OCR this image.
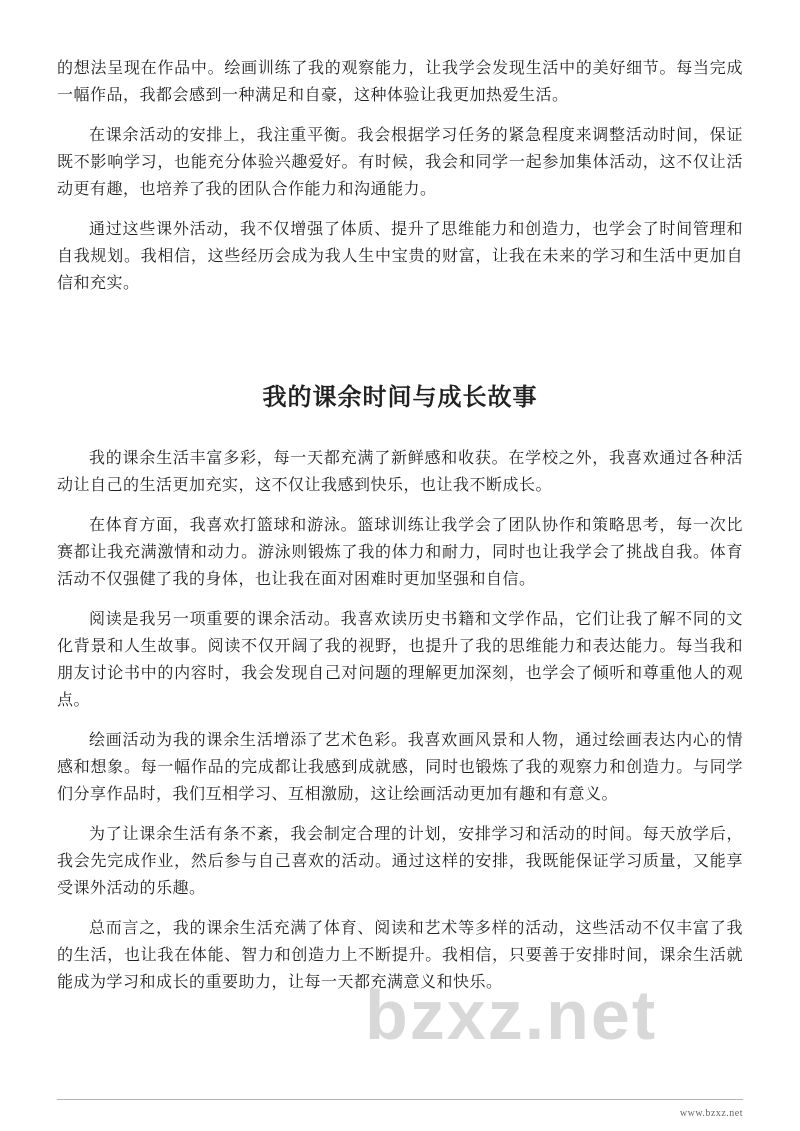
的想法呈现在作品中。绘画训练了我的观察能力，让我学会发现生活中的美好细节。每当完成一幅作品，我都会感到一种满足和自豪，这种体验让我更加热爱生活。

在课余活动的安排上，我注重平衡。我会根据学习任务的紧急程度来调整活动时间，保证既不影响学习，也能充分体验兴趣爱好。有时候，我会和同学一起参加集体活动，这不仅让活动更有趣，也培养了我的团队合作能力和沟通能力。

通过这些课外活动，我不仅增强了体质、提升了思维能力和创造力，也学会了时间管理和自我规划。我相信，这些经历会成为我人生中宝贵的财富，让我在未来的学习和生活中更加自信和充实。

我的课余时间与成长故事

我的课余生活丰富多彩，每一天都充满了新鲜感和收获。在学校之外，我喜欢通过各种活动让自己的生活更加充实，这不仅让我感到快乐，也让我不断成长。

在体育方面，我喜欢打篮球和游泳。篮球训练让我学会了团队协作和策略思考，每一次比赛都让我充满激情和动力。游泳则锻炼了我的体力和耐力，同时也让我学会了挑战自我。体育活动不仅强健了我的身体，也让我在面对困难时更加坚强和自信。

阅读是我另一项重要的课余活动。我喜欢读历史书籍和文学作品，它们让我了解不同的文化背景和人生故事。阅读不仅开阔了我的视野，也提升了我的思维能力和表达能力。每当我和朋友讨论书中的内容时，我会发现自己对问题的理解更加深刻，也学会了倾听和尊重他人的观点。

绘画活动为我的课余生活增添了艺术色彩。我喜欢画风景和人物，通过绘画表达内心的情感和想象。每一幅作品的完成都让我感到成就感，同时也锻炼了我的观察力和创造力。与同学们分享作品时，我们互相学习、互相激励，这让绘画活动更加有趣和有意义。

为了让课余生活有条不紊，我会制定合理的计划，安排学习和活动的时间。每天放学后，我会先完成作业，然后参与自己喜欢的活动。通过这样的安排，我既能保证学习质量，又能享受课外活动的乐趣。

总而言之，我的课余生活充满了体育、阅读和艺术等多样的活动，这些活动不仅丰富了我的生活，也让我在体能、智力和创造力上不断提升。我相信，只要善于安排时间，课余生活就能成为学习和成长的重要助力，让每一天都充满意义和快乐。

bzxz.net
www.bzxz.net
